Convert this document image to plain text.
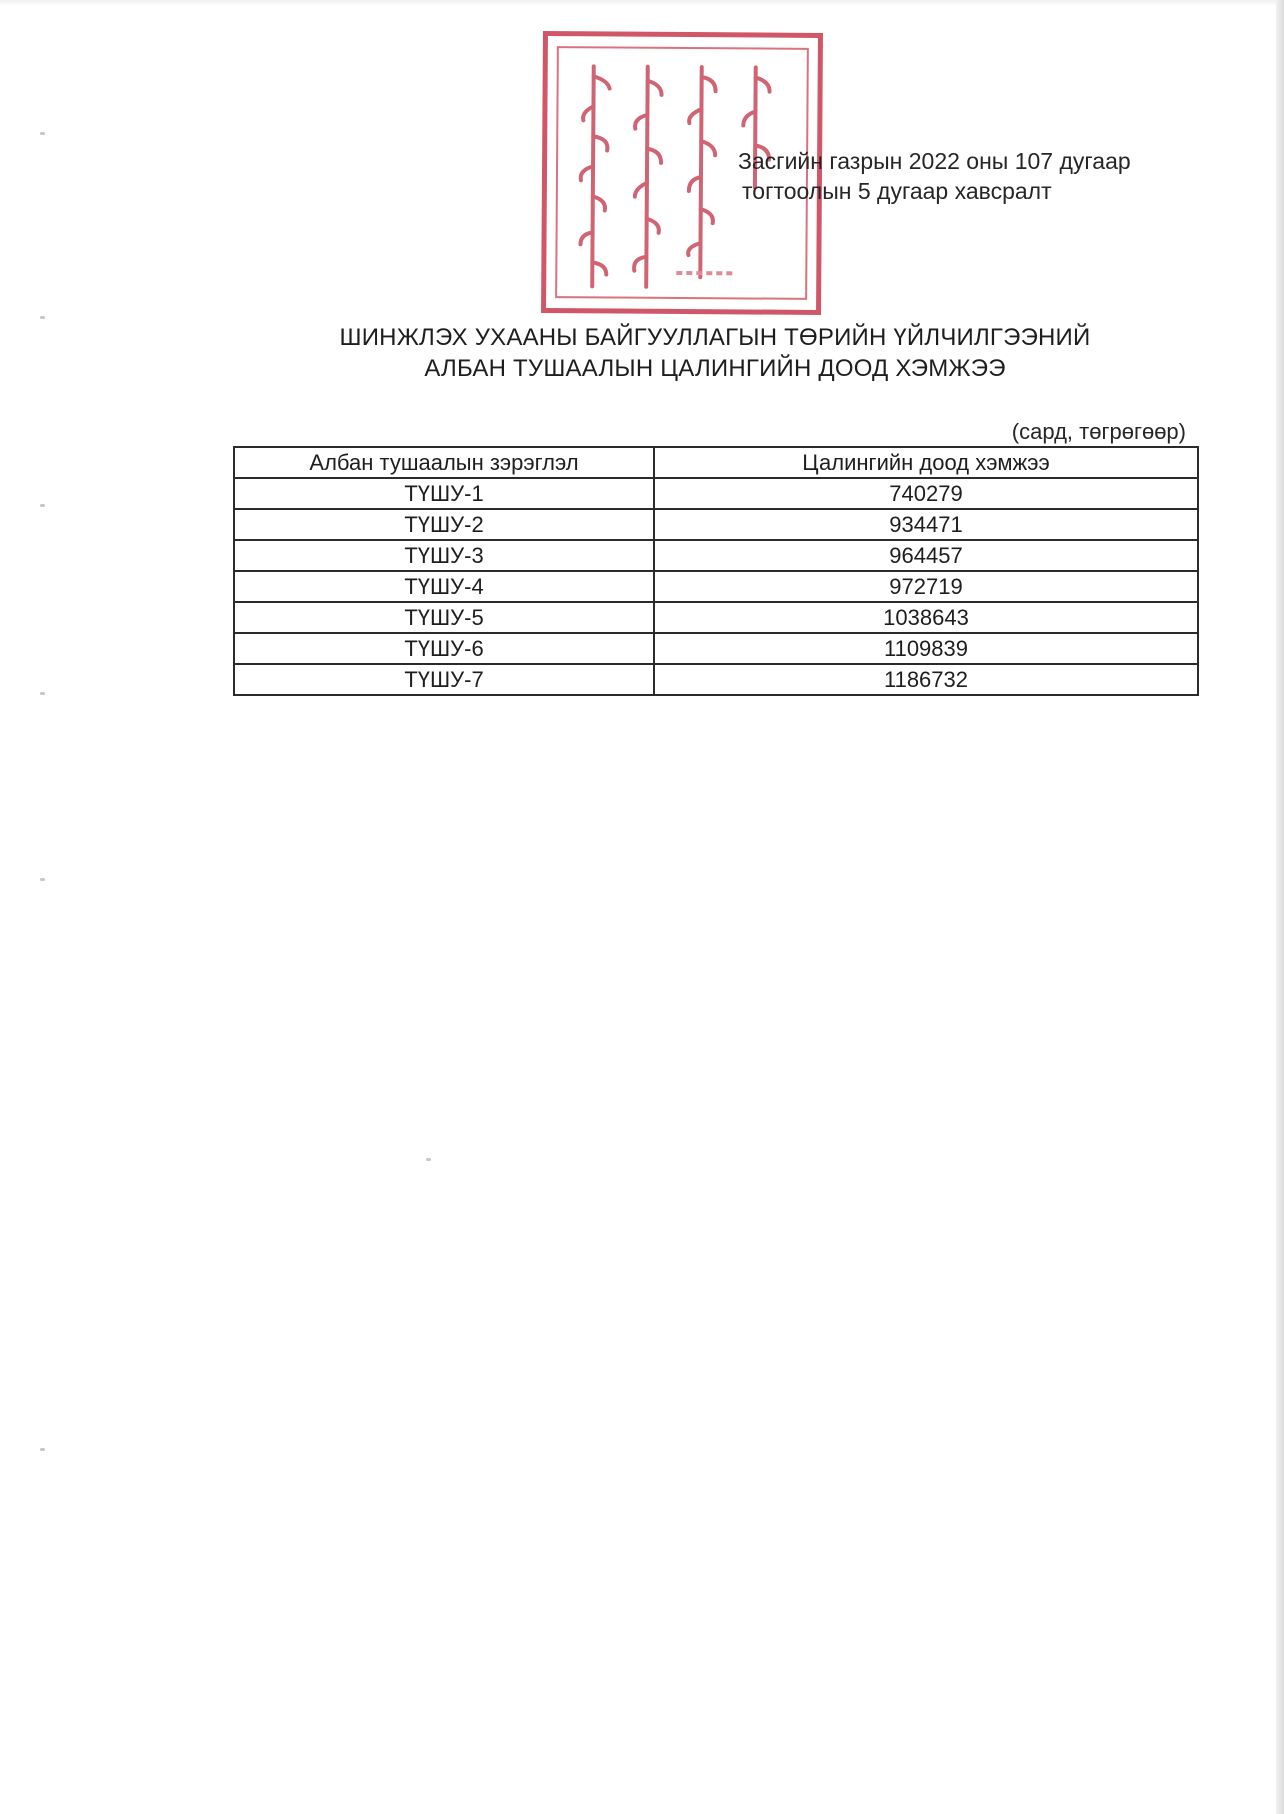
Засгийн газрын 2022 оны 107 дугаар
тогтоолын 5 дугаар хавсралт
ШИНЖЛЭХ УХААНЫ БАЙГУУЛЛАГЫН ТӨРИЙН ҮЙЛЧИЛГЭЭНИЙ
АЛБАН ТУШААЛЫН ЦАЛИНГИЙН ДООД ХЭМЖЭЭ
(сард, төгрөгөөр)
Албан тушаалын зэрэглэл	Цалингийн доод хэмжээ
ТҮШУ-1	740279
ТҮШУ-2	934471
ТҮШУ-3	964457
ТҮШУ-4	972719
ТҮШУ-5	1038643
ТҮШУ-6	1109839
ТҮШУ-7	1186732
